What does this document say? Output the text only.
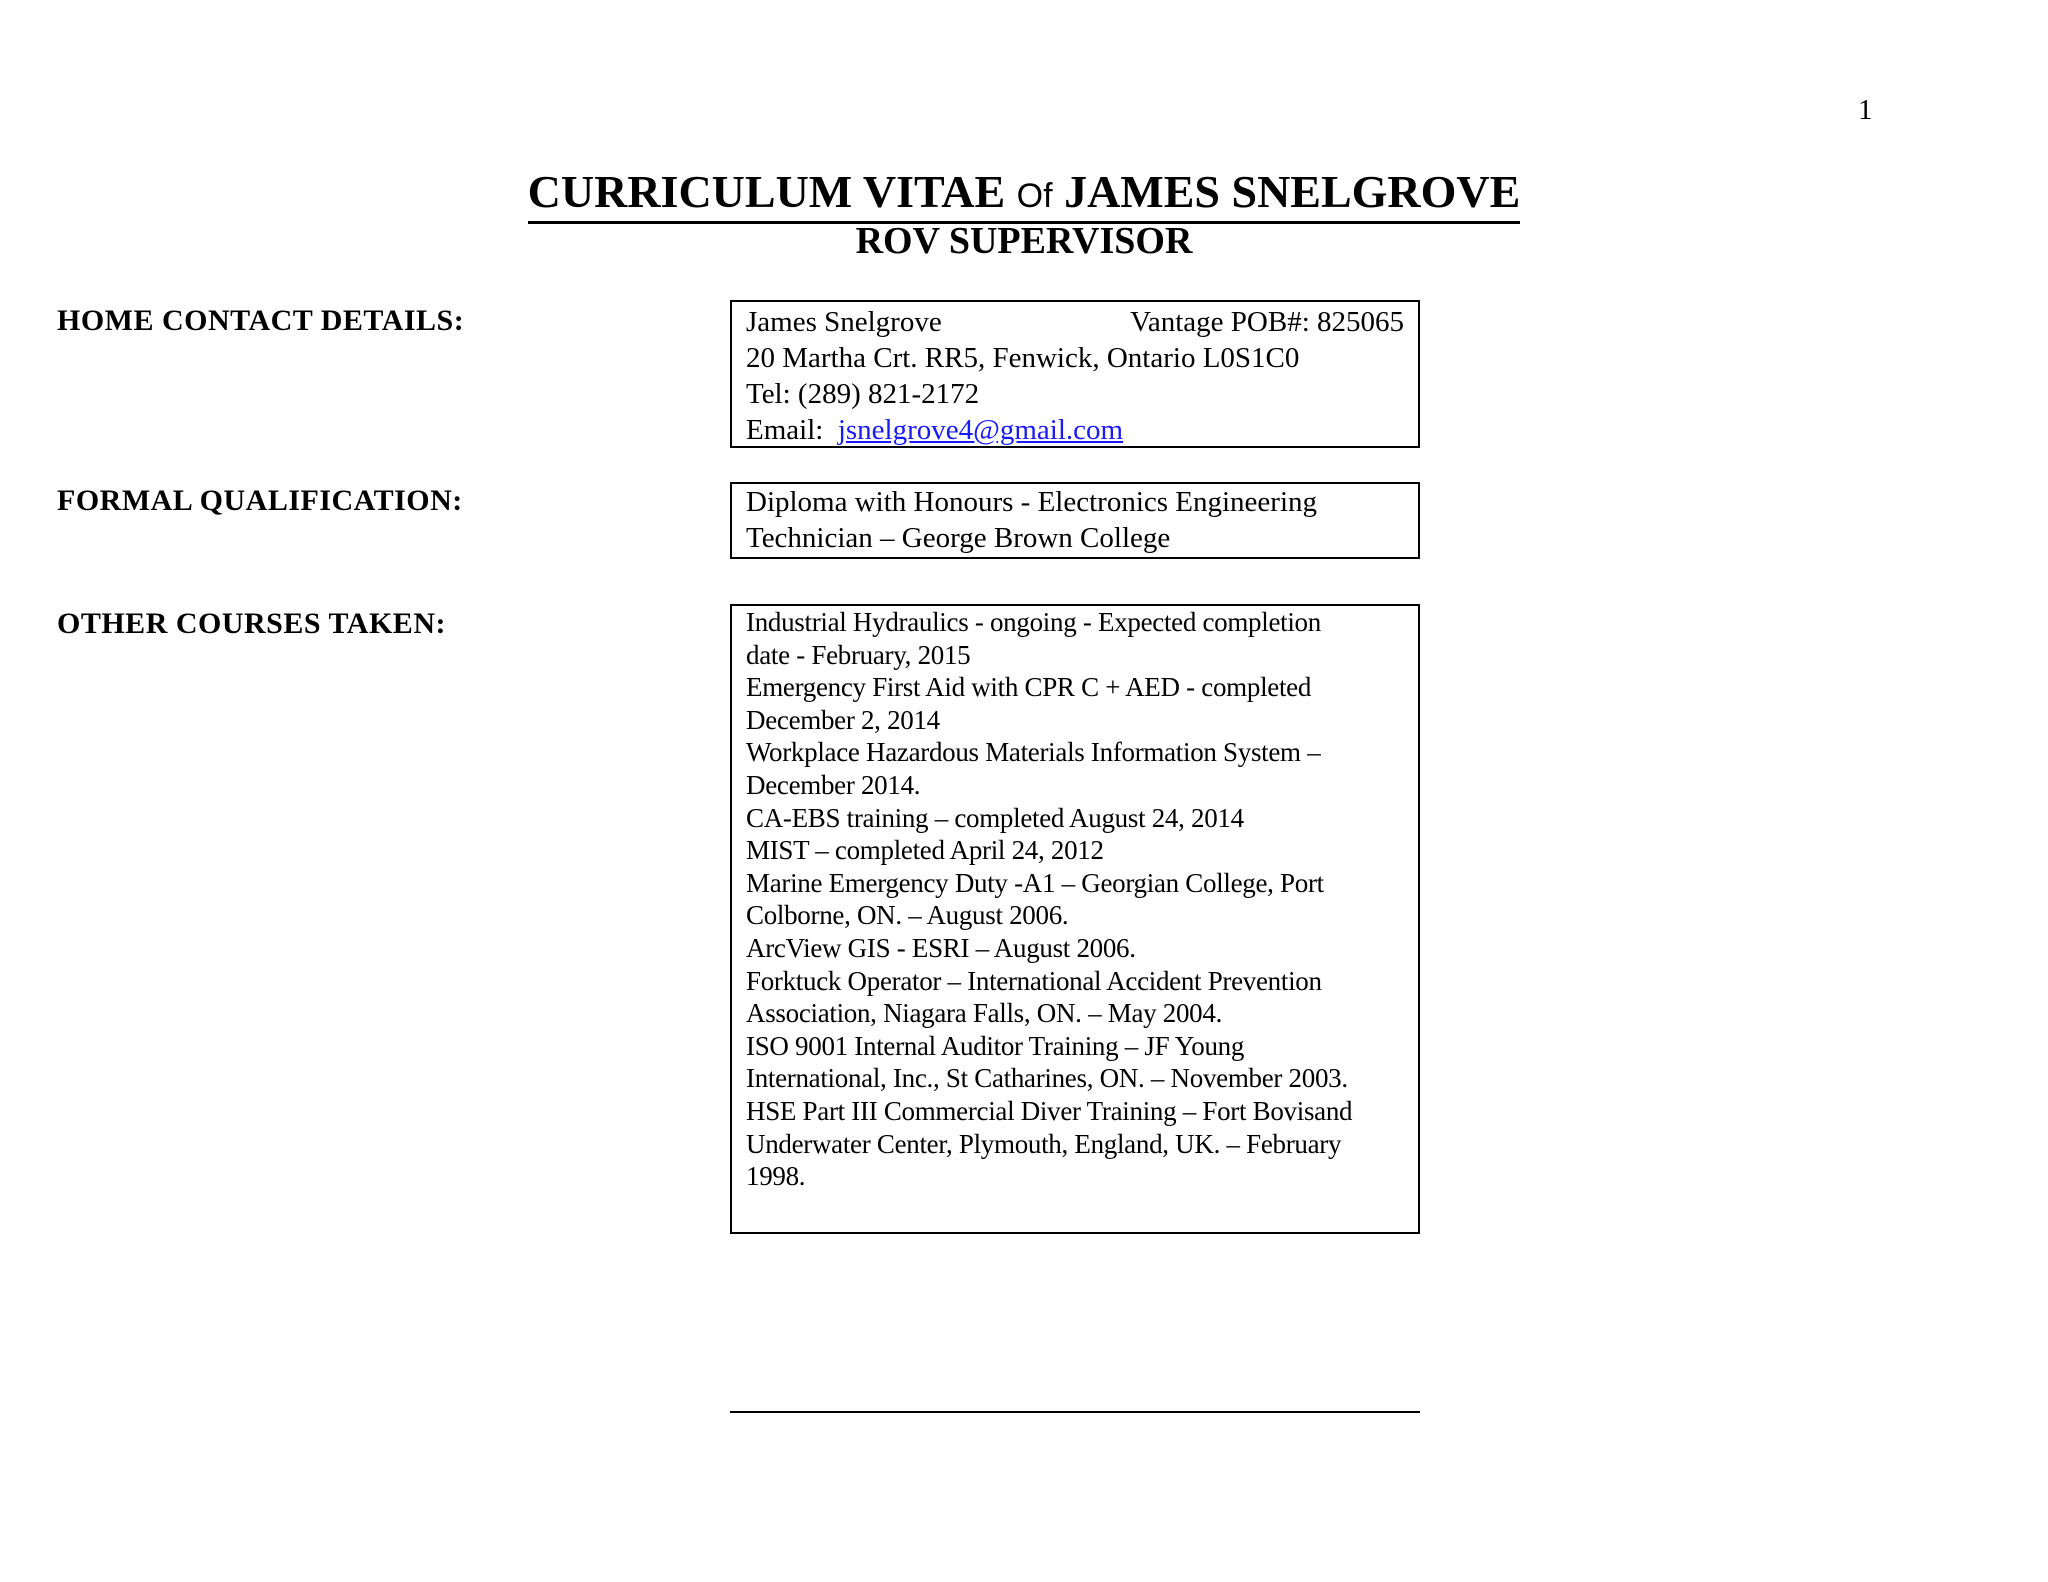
1
CURRICULUM VITAE Of JAMES SNELGROVE
ROV SUPERVISOR
HOME CONTACT DETAILS:	James Snelgrove	Vantage POB#: 825065
20 Martha Crt. RR5, Fenwick, Ontario L0S1C0
Tel: (289) 821-2172
Email: jsnelgrove4@gmail.com
FORMAL QUALIFICATION:	Diploma with Honours - Electronics Engineering
Technician – George Brown College
OTHER COURSES TAKEN:	Industrial Hydraulics - ongoing - Expected completion
date - February, 2015
Emergency First Aid with CPR C + AED - completed
December 2, 2014
Workplace Hazardous Materials Information System –
December 2014.
CA-EBS training – completed August 24, 2014
MIST – completed April 24, 2012
Marine Emergency Duty -A1 – Georgian College, Port
Colborne, ON. – August 2006.
ArcView GIS - ESRI – August 2006.
Forktuck Operator – International Accident Prevention
Association, Niagara Falls, ON. – May 2004.
ISO 9001 Internal Auditor Training – JF Young
International, Inc., St Catharines, ON. – November 2003.
HSE Part III Commercial Diver Training – Fort Bovisand
Underwater Center, Plymouth, England, UK. – February
1998.
